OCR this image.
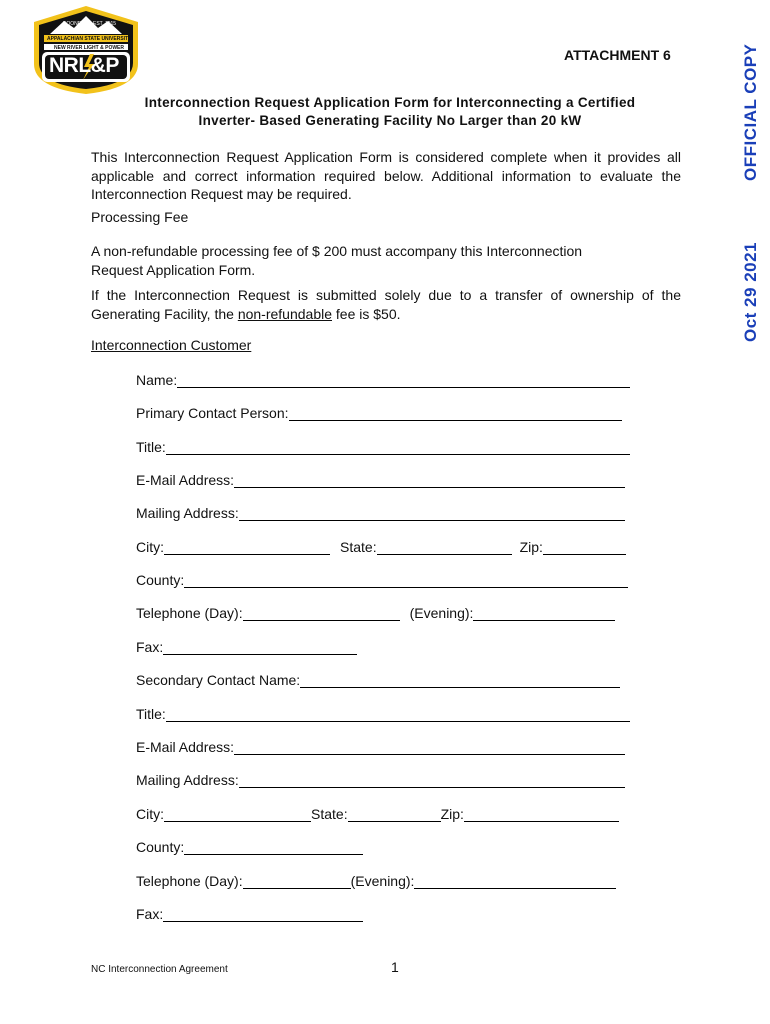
BOONE, NC EST. 1915
APPALACHIAN STATE UNIVERSITY
NEW RIVER LIGHT & POWER
NRL&P	OFFICIAL COPY
Oct 29 2021
ATTACHMENT 6
Interconnection Request Application Form for Interconnecting a Certified
Inverter- Based Generating Facility No Larger than 20 kW
This Interconnection Request Application Form is considered complete when it provides all applicable and correct information required below. Additional information to evaluate the Interconnection Request may be required.
Processing Fee
A non-refundable processing fee of $ 200 must accompany this Interconnection
Request Application Form.
If the Interconnection Request is submitted solely due to a transfer of ownership of the Generating Facility, the non-refundable fee is $50.
Interconnection Customer
Name:
Primary Contact Person:
Title:
E-Mail Address:
Mailing Address:
City:	State:	Zip:
County:
Telephone (Day):	(Evening):
Fax:
Secondary Contact Name:
Title:
E-Mail Address:
Mailing Address:
City:	State:	Zip:
County:
Telephone (Day):	(Evening):
Fax:
NC Interconnection Agreement	1
